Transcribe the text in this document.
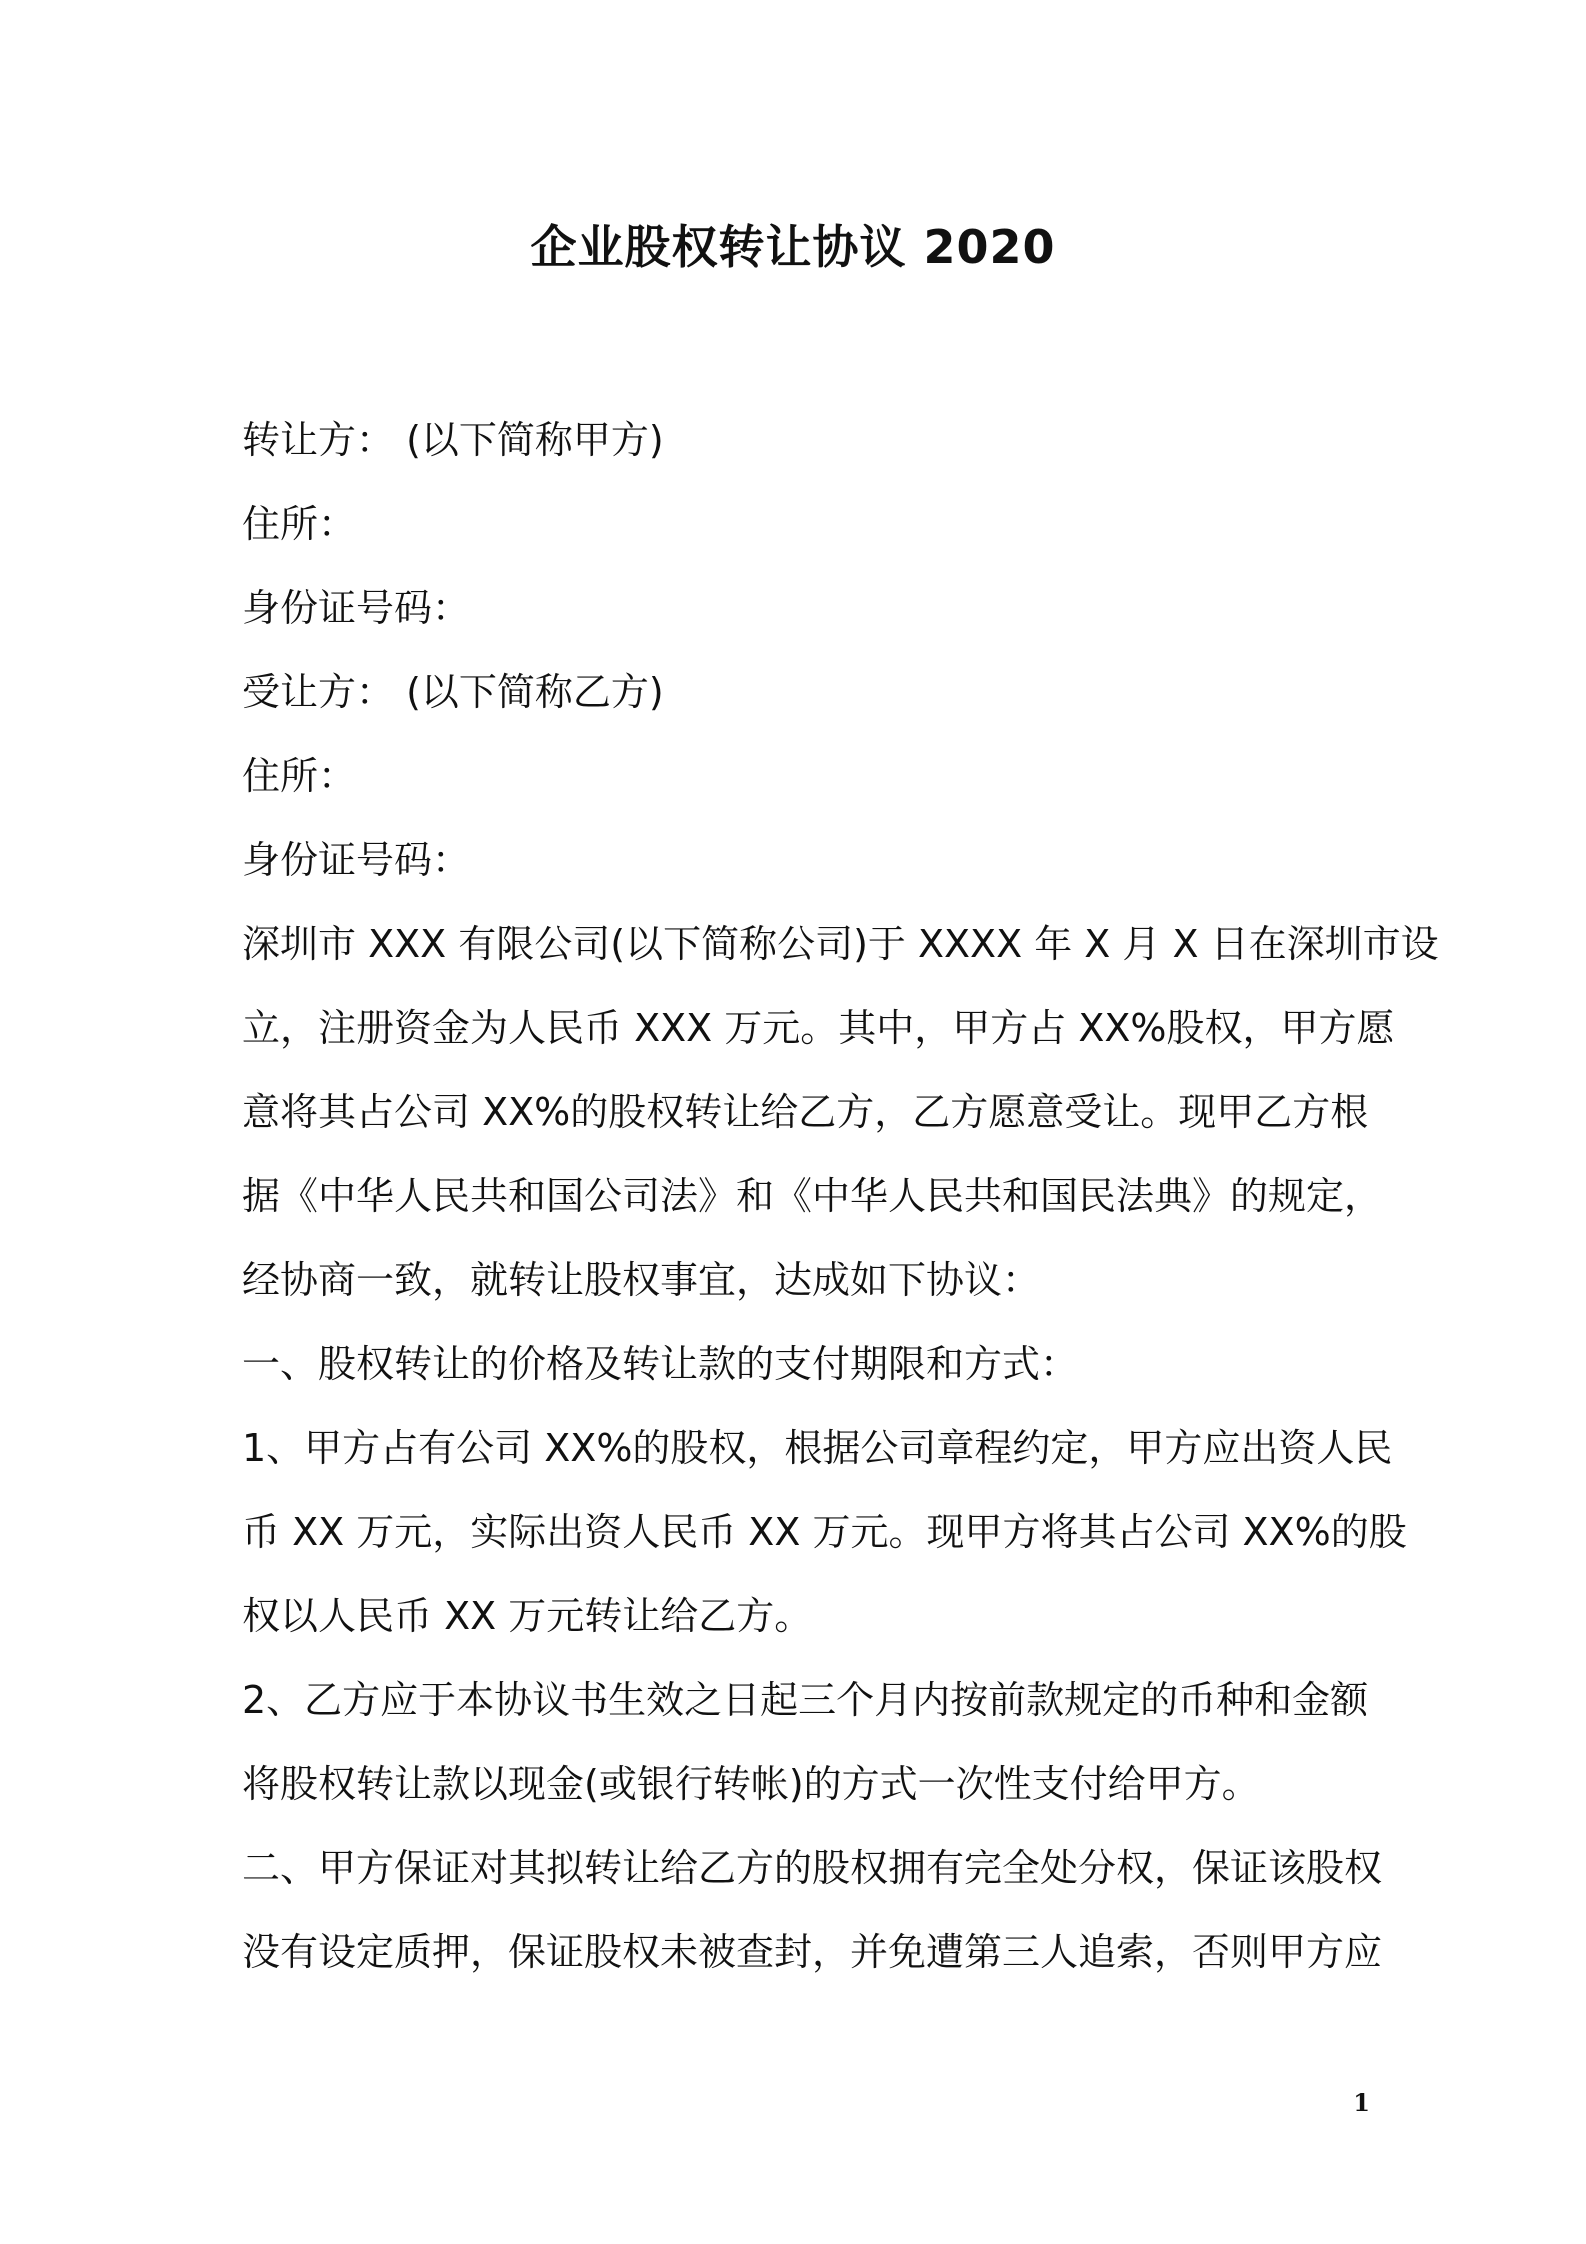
企业股权转让协议 2020
转让方： (以下简称甲方)
住所：
身份证号码：
受让方： (以下简称乙方)
住所：
身份证号码：
深圳市 XXX 有限公司(以下简称公司)于 XXXX 年 X 月 X 日在深圳市设
立，注册资金为人民币 XXX 万元。其中，甲方占 XX%股权，甲方愿
意将其占公司 XX%的股权转让给乙方，乙方愿意受让。现甲乙方根
据《中华人民共和国公司法》和《中华人民共和国民法典》的规定，
经协商一致，就转让股权事宜，达成如下协议：
一、股权转让的价格及转让款的支付期限和方式：
1、甲方占有公司 XX%的股权，根据公司章程约定，甲方应出资人民
币 XX 万元，实际出资人民币 XX 万元。现甲方将其占公司 XX%的股
权以人民币 XX 万元转让给乙方。
2、乙方应于本协议书生效之日起三个月内按前款规定的币种和金额
将股权转让款以现金(或银行转帐)的方式一次性支付给甲方。
二、甲方保证对其拟转让给乙方的股权拥有完全处分权，保证该股权
没有设定质押，保证股权未被查封，并免遭第三人追索，否则甲方应
1
